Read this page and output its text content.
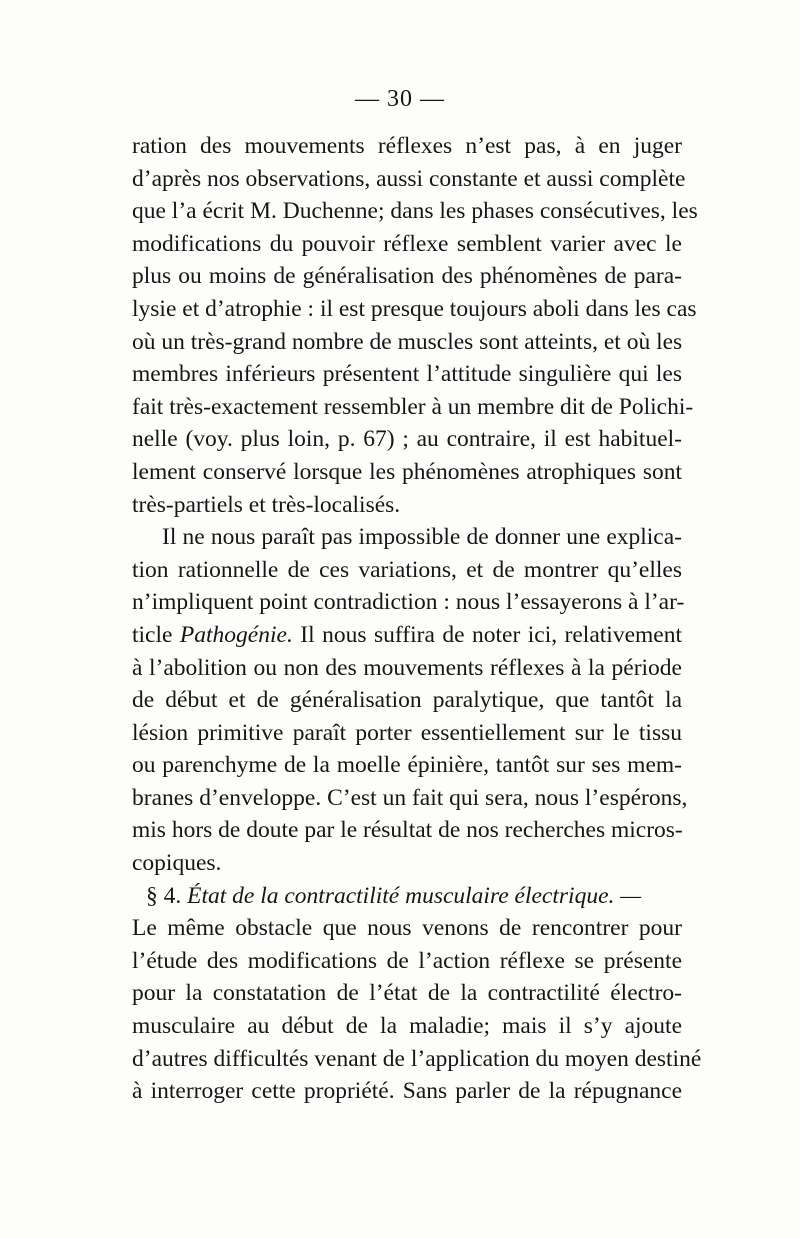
— 30 —
ration des mouvements réflexes n’est pas, à en juger
d’après nos observations, aussi constante et aussi complète
que l’a écrit M. Duchenne; dans les phases consécutives, les
modifications du pouvoir réflexe semblent varier avec le
plus ou moins de généralisation des phénomènes de para-
lysie et d’atrophie : il est presque toujours aboli dans les cas
où un très-grand nombre de muscles sont atteints, et où les
membres inférieurs présentent l’attitude singulière qui les
fait très-exactement ressembler à un membre dit de Polichi-
nelle (voy. plus loin, p. 67) ; au contraire, il est habituel-
lement conservé lorsque les phénomènes atrophiques sont
très-partiels et très-localisés.
Il ne nous paraît pas impossible de donner une explica-
tion rationnelle de ces variations, et de montrer qu’elles
n’impliquent point contradiction : nous l’essayerons à l’ar-
ticle Pathogénie. Il nous suffira de noter ici, relativement
à l’abolition ou non des mouvements réflexes à la période
de début et de généralisation paralytique, que tantôt la
lésion primitive paraît porter essentiellement sur le tissu
ou parenchyme de la moelle épinière, tantôt sur ses mem-
branes d’enveloppe. C’est un fait qui sera, nous l’espérons,
mis hors de doute par le résultat de nos recherches micros-
copiques.
§ 4. État de la contractilité musculaire électrique. —
Le même obstacle que nous venons de rencontrer pour
l’étude des modifications de l’action réflexe se présente
pour la constatation de l’état de la contractilité électro-
musculaire au début de la maladie; mais il s’y ajoute
d’autres difficultés venant de l’application du moyen destiné
à interroger cette propriété. Sans parler de la répugnance
